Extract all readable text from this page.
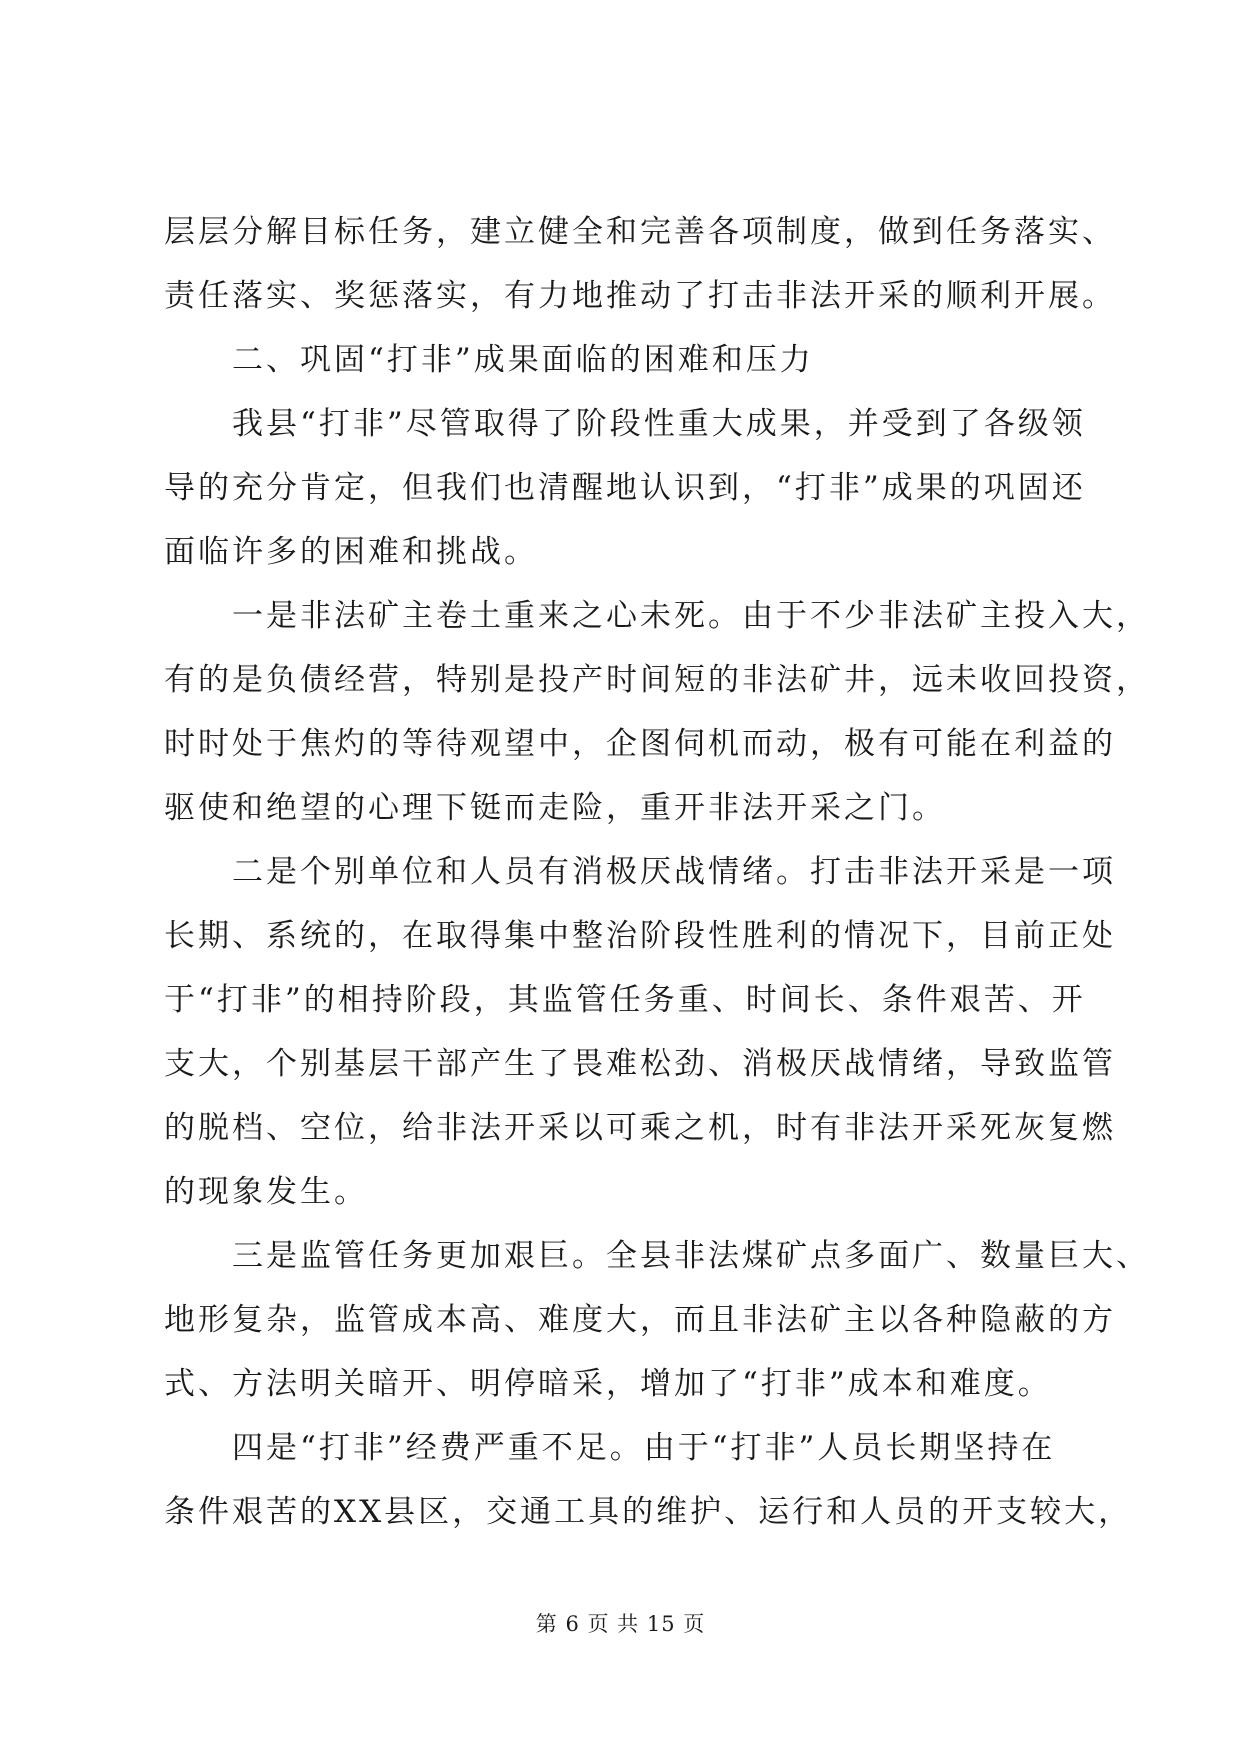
层层分解目标任务，建立健全和完善各项制度，做到任务落实、
责任落实、奖惩落实，有力地推动了打击非法开采的顺利开展。
二、巩固“打非”成果面临的困难和压力
我县“打非”尽管取得了阶段性重大成果，并受到了各级领
导的充分肯定，但我们也清醒地认识到，“打非”成果的巩固还
面临许多的困难和挑战。
一是非法矿主卷土重来之心未死。由于不少非法矿主投入大，
有的是负债经营，特别是投产时间短的非法矿井，远未收回投资，
时时处于焦灼的等待观望中，企图伺机而动，极有可能在利益的
驱使和绝望的心理下铤而走险，重开非法开采之门。
二是个别单位和人员有消极厌战情绪。打击非法开采是一项
长期、系统的，在取得集中整治阶段性胜利的情况下，目前正处
于“打非”的相持阶段，其监管任务重、时间长、条件艰苦、开
支大，个别基层干部产生了畏难松劲、消极厌战情绪，导致监管
的脱档、空位，给非法开采以可乘之机，时有非法开采死灰复燃
的现象发生。
三是监管任务更加艰巨。全县非法煤矿点多面广、数量巨大、
地形复杂，监管成本高、难度大，而且非法矿主以各种隐蔽的方
式、方法明关暗开、明停暗采，增加了“打非”成本和难度。
四是“打非”经费严重不足。由于“打非”人员长期坚持在
条件艰苦的XX县区，交通工具的维护、运行和人员的开支较大，
第 6 页 共 15 页
